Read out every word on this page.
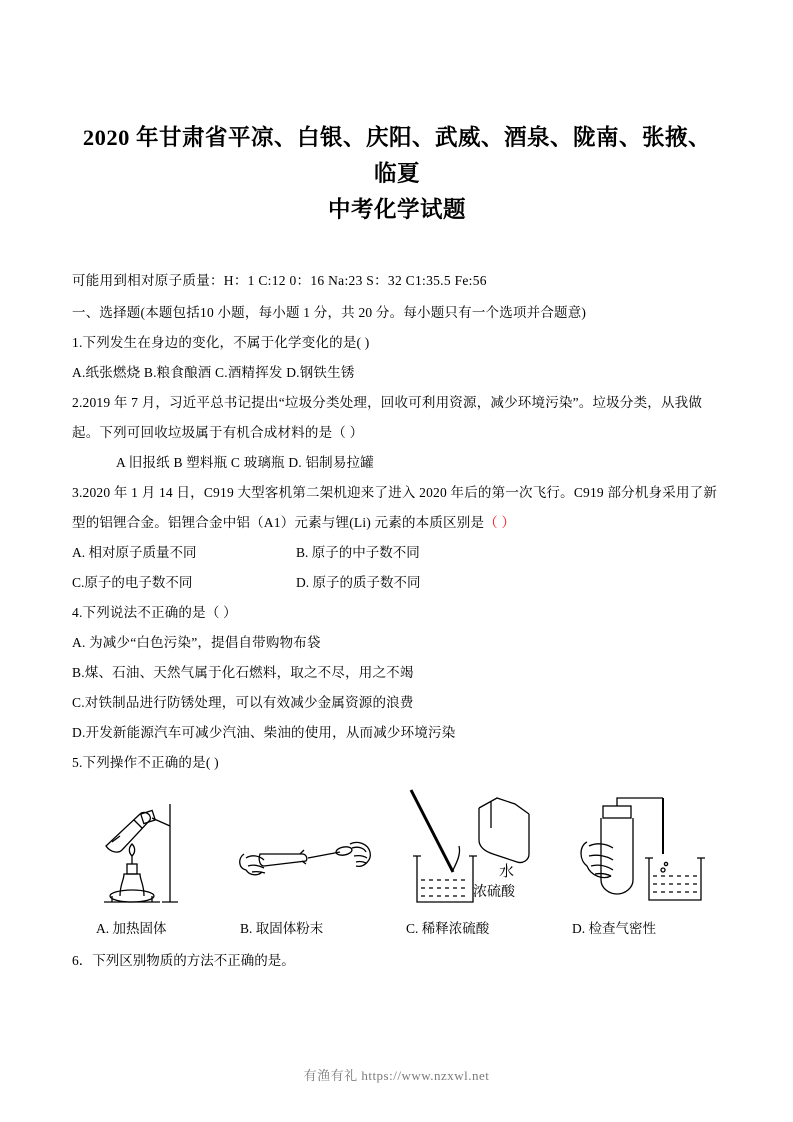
2020 年甘肃省平凉、白银、庆阳、武威、酒泉、陇南、张掖、临夏
中考化学试题
可能用到相对原子质量：H：1 C:12 0：16 Na:23 S：32 C1:35.5 Fe:56
一、选择题(本题包括10 小题，每小题 1 分，共 20 分。每小题只有一个选项并合题意)
1.下列发生在身边的变化，不属于化学变化的是( )
A.纸张燃烧 B.粮食酿酒 C.酒精挥发 D.钢铁生锈
2.2019 年 7 月，习近平总书记提出“垃圾分类处理，回收可利用资源，减少环境污染”。垃圾分类，从我做
起。下列可回收垃圾属于有机合成材料的是（ ）
A 旧报纸 B 塑料瓶 C 玻璃瓶 D. 铝制易拉罐
3.2020 年 1 月 14 日，C919 大型客机第二架机迎来了进入 2020 年后的第一次飞行。C919 部分机身采用了新
型的铝锂合金。铝锂合金中铝（A1）元素与锂(Li) 元素的本质区别是（ ）
A. 相对原子质量不同	B. 原子的中子数不同
C.原子的电子数不同	D. 原子的质子数不同
4.下列说法不正确的是（ ）
A. 为减少“白色污染”，提倡自带购物布袋
B.煤、石油、天然气属于化石燃料，取之不尽，用之不竭
C.对铁制品进行防锈处理，可以有效减少金属资源的浪费
D.开发新能源汽车可减少汽油、柴油的使用，从而减少环境污染
5.下列操作不正确的是( )
水
浓硫酸
A. 加热固体	B. 取固体粉末	C. 稀释浓硫酸	D. 检查气密性
6．下列区别物质的方法不正确的是。
有渔有礼 https://www.nzxwl.net
